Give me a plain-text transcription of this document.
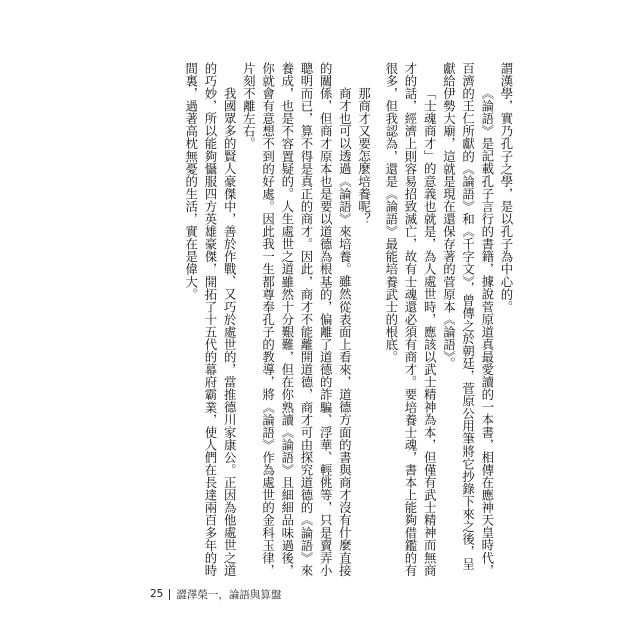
謂漢學，實乃孔子之學，是以孔子為中心的。

《論語》是記載孔子言行的書籍，據說菅原道真最愛讀的一本書，相傳在應神天皇時代，百濟的王仁所獻的《論語》和《千字文》，曾傳之於朝廷，菅原公用筆將它抄錄下來之後，呈獻給伊勢大廟，這就是現在還保存著的菅原本《論語》。

「士魂商才」的意義也就是，為人處世時，應該以武士精神為本，但僅有武士精神而無商才的話，經濟上則容易招致滅亡，故有士魂還必須有商才。要培養士魂，書本上能夠借鑑的有很多，但我認為，還是《論語》最能培養武士的根底。

那商才又要怎麼培養呢？

商才也可以透過《論語》來培養。雖然從表面上看來，道德方面的書與商才沒有什麼直接的關係，但商才原本也是要以道德為根基的，偏離了道德的詐騙、浮華、輕佻等，只是賣弄小聰明而已，算不得是真正的商才。因此，商才不能離開道德，商才可由探究道德的《論語》來養成，也是不容置疑的。人生處世之道雖然十分艱難，但在你熟讀《論語》且細細品味過後，你就會有意想不到的好處。因此我一生都尊奉孔子的教導，將《論語》作為處世的金科玉律，片刻不離左右。

我國眾多的賢人豪傑中，善於作戰、又巧於處世的，當推德川家康公。正因為他處世之道的巧妙，所以能夠懾服四方英雄豪傑，開拓了十五代的幕府霸業，使人們在長達兩百多年的時間裏，過著高枕無憂的生活，實在是偉大。

25 澀澤榮一，論語與算盤
